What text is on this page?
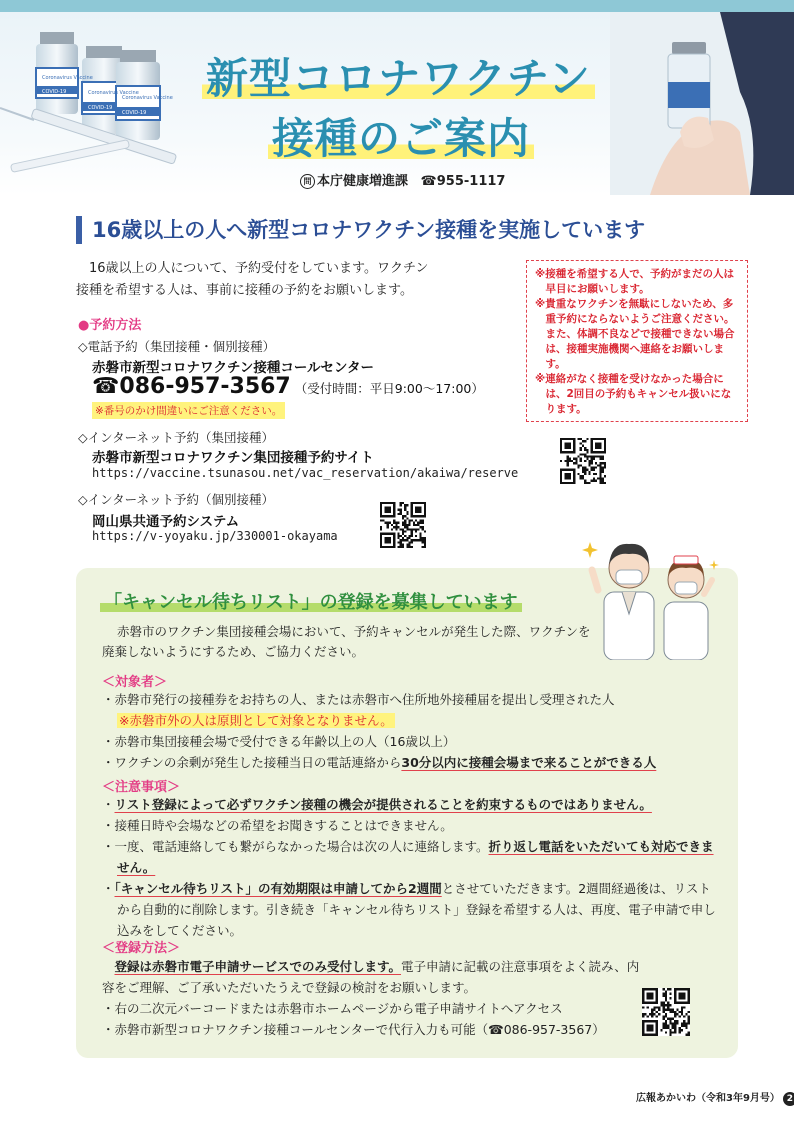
Coronavirus Vaccine
COVID-19	Coronavirus Vaccine
COVID-19
Coronavirus Vaccine
COVID-19
新型コロナワクチン
接種のご案内
問 本庁健康増進課 ☎955-1117
16歳以上の人へ新型コロナワクチン接種を実施しています

16歳以上の人について、予約受付をしています。ワクチン

接種を希望する人は、事前に接種の予約をお願いします。
※接種を希望する人で、予約がまだの人は早目にお願いします。
※貴重なワクチンを無駄にしないため、多重予約にならないようご注意ください。また、体調不良などで接種できない場合は、接種実施機関へ連絡をお願いします。
※連絡がなく接種を受けなかった場合には、2回目の予約もキャンセル扱いになります。
●予約方法
◇電話予約（集団接種・個別接種）
赤磐市新型コロナワクチン接種コールセンター
☎086-957-3567 （受付時間：平日9:00～17:00）
※番号のかけ間違いにご注意ください。
◇インターネット予約（集団接種）
赤磐市新型コロナワクチン集団接種予約サイト
https://vaccine.tsunasou.net/vac_reservation/akaiwa/reserve
◇インターネット予約（個別接種）
岡山県共通予約システム
https://v-yoyaku.jp/330001-okayama
「キャンセル待ちリスト」の登録を募集しています
赤磐市のワクチン集団接種会場において、予約キャンセルが発生した際、ワクチンを廃棄しないようにするため、ご協力ください。
＜対象者＞
・赤磐市発行の接種券をお持ちの人、または赤磐市へ住所地外接種届を提出し受理された人
※赤磐市外の人は原則として対象となりません。
・赤磐市集団接種会場で受付できる年齢以上の人（16歳以上）
・ワクチンの余剰が発生した接種当日の電話連絡から30分以内に接種会場まで来ることができる人
＜注意事項＞
・リスト登録によって必ずワクチン接種の機会が提供されることを約束するものではありません。
・接種日時や会場などの希望をお聞きすることはできません。
・一度、電話連絡しても繋がらなかった場合は次の人に連絡します。折り返し電話をいただいても対応できません。
・「キャンセル待ちリスト」の有効期限は申請してから2週間とさせていただきます。2週間経過後は、リストから自動的に削除します。引き続き「キャンセル待ちリスト」登録を希望する人は、再度、電子申請で申し込みをしてください。
＜登録方法＞
登録は赤磐市電子申請サービスでのみ受付します。電子申請に記載の注意事項をよく読み、内容をご理解、ご了承いただいたうえで登録の検討をお願いします。
・右の二次元バーコードまたは赤磐市ホームページから電子申請サイトへアクセス
・赤磐市新型コロナワクチン接種コールセンターで代行入力も可能（☎086-957-3567）
広報あかいわ（令和3年9月号） 2
